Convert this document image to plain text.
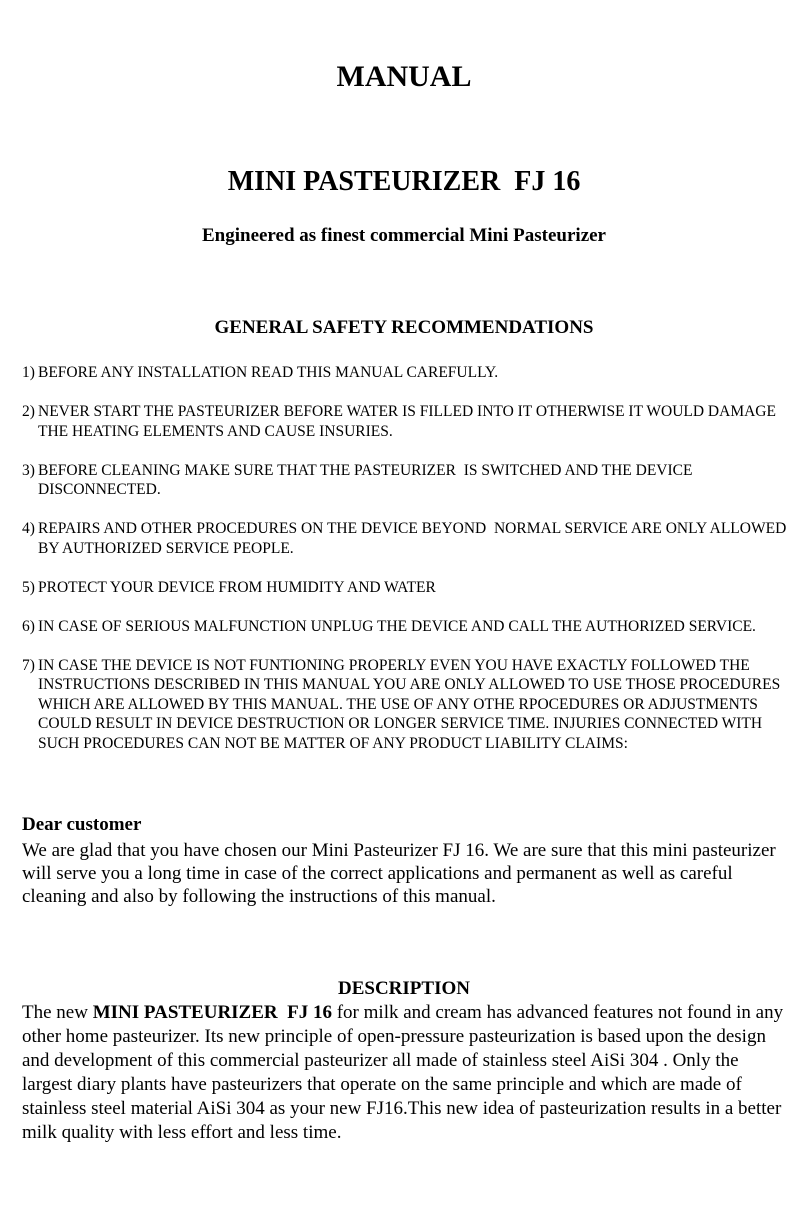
MANUAL
MINI PASTEURIZER  FJ 16

Engineered as finest commercial Mini Pasteurizer

GENERAL SAFETY RECOMMENDATIONS
1) BEFORE ANY INSTALLATION READ THIS MANUAL CAREFULLY.
2) NEVER START THE PASTEURIZER BEFORE WATER IS FILLED INTO IT OTHERWISE IT WOULD DAMAGE THE HEATING ELEMENTS AND CAUSE INSURIES.
3) BEFORE CLEANING MAKE SURE THAT THE PASTEURIZER  IS SWITCHED AND THE DEVICE DISCONNECTED.
4) REPAIRS AND OTHER PROCEDURES ON THE DEVICE BEYOND  NORMAL SERVICE ARE ONLY ALLOWED BY AUTHORIZED SERVICE PEOPLE.
5) PROTECT YOUR DEVICE FROM HUMIDITY AND WATER
6) IN CASE OF SERIOUS MALFUNCTION UNPLUG THE DEVICE AND CALL THE AUTHORIZED SERVICE.
7) IN CASE THE DEVICE IS NOT FUNTIONING PROPERLY EVEN YOU HAVE EXACTLY FOLLOWED THE INSTRUCTIONS DESCRIBED IN THIS MANUAL YOU ARE ONLY ALLOWED TO USE THOSE PROCEDURES WHICH ARE ALLOWED BY THIS MANUAL. THE USE OF ANY OTHE RPOCEDURES OR ADJUSTMENTS COULD RESULT IN DEVICE DESTRUCTION OR LONGER SERVICE TIME. INJURIES CONNECTED WITH SUCH PROCEDURES CAN NOT BE MATTER OF ANY PRODUCT LIABILITY CLAIMS:
Dear customer

We are glad that you have chosen our Mini Pasteurizer FJ 16. We are sure that this mini pasteurizer will serve you a long time in case of the correct applications and permanent as well as careful cleaning and also by following the instructions of this manual.

DESCRIPTION

The new MINI PASTEURIZER  FJ 16 for milk and cream has advanced features not found in any other home pasteurizer. Its new principle of open-pressure pasteurization is based upon the design and development of this commercial pasteurizer all made of stainless steel AiSi 304 . Only the largest diary plants have pasteurizers that operate on the same principle and which are made of stainless steel material AiSi 304 as your new FJ16.This new idea of pasteurization results in a better milk quality with less effort and less time.
